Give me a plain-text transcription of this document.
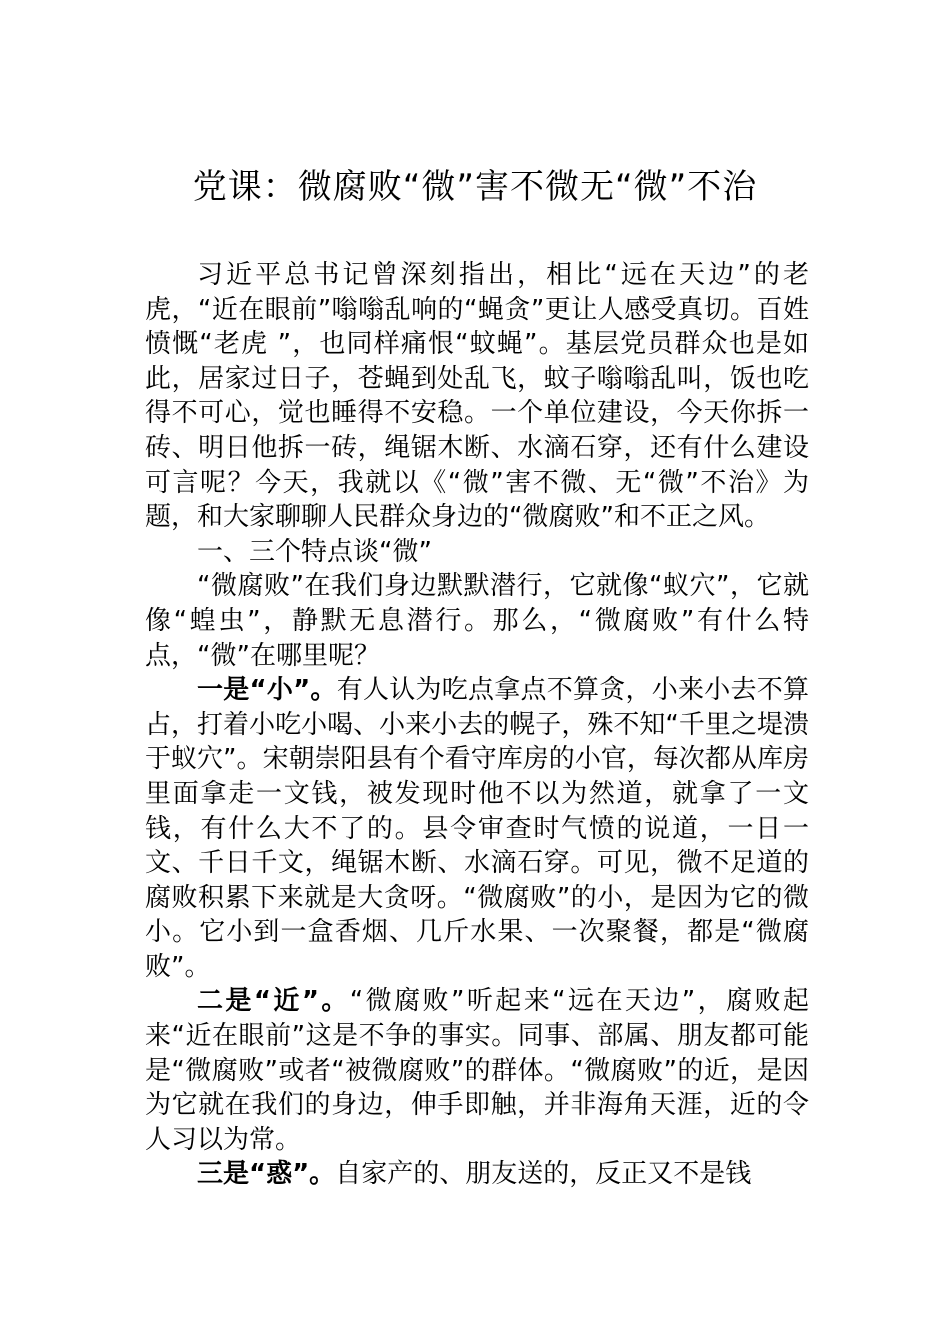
党课：微腐败“微”害不微无“微”不治

习近平总书记曾深刻指出，相比“远在天边”的老虎，“近在眼前”嗡嗡乱响的“蝇贪”更让人感受真切。百姓愤慨“老虎 ”，也同样痛恨“蚊蝇”。基层党员群众也是如此，居家过日子，苍蝇到处乱飞，蚊子嗡嗡乱叫，饭也吃得不可心，觉也睡得不安稳。一个单位建设，今天你拆一砖、明日他拆一砖，绳锯木断、水滴石穿，还有什么建设可言呢？今天，我就以《“微”害不微、无“微”不治》为题，和大家聊聊人民群众身边的“微腐败”和不正之风。

一、三个特点谈“微”

“微腐败”在我们身边默默潜行，它就像“蚁穴”，它就像“蝗虫”，静默无息潜行。那么，“微腐败”有什么特点，“微”在哪里呢？

一是“小”。有人认为吃点拿点不算贪，小来小去不算占，打着小吃小喝、小来小去的幌子，殊不知“千里之堤溃于蚁穴”。宋朝崇阳县有个看守库房的小官，每次都从库房里面拿走一文钱，被发现时他不以为然道，就拿了一文钱，有什么大不了的。县令审查时气愤的说道，一日一文、千日千文，绳锯木断、水滴石穿。可见，微不足道的腐败积累下来就是大贪呀。“微腐败”的小，是因为它的微小。它小到一盒香烟、几斤水果、一次聚餐，都是“微腐败”。

二是“近”。“微腐败”听起来“远在天边”，腐败起来“近在眼前”这是不争的事实。同事、部属、朋友都可能是“微腐败”或者“被微腐败”的群体。“微腐败”的近，是因为它就在我们的身边，伸手即触，并非海角天涯，近的令人习以为常。

三是“惑”。自家产的、朋友送的，反正又不是钱
